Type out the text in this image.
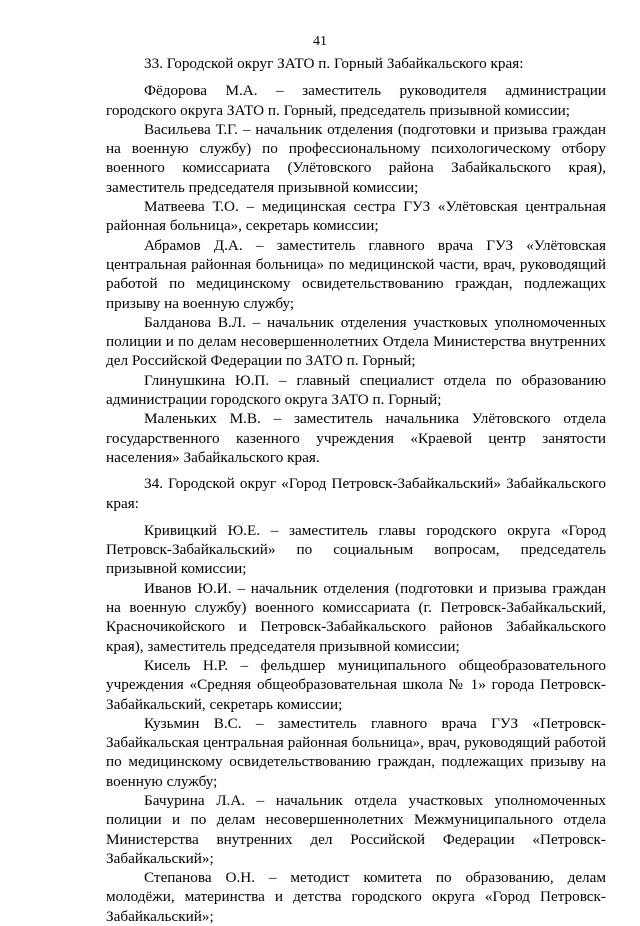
41

33. Городской округ ЗАТО п. Горный Забайкальского края:

Фёдорова М.А. – заместитель руководителя администрации городского округа ЗАТО п. Горный, председатель призывной комиссии;

Васильева Т.Г. – начальник отделения (подготовки и призыва граждан на военную службу) по профессиональному психологическому отбору военного комиссариата (Улётовского района Забайкальского края), заместитель председателя призывной комиссии;

Матвеева Т.О. – медицинская сестра ГУЗ «Улётовская центральная районная больница», секретарь комиссии;

Абрамов Д.А. – заместитель главного врача ГУЗ «Улётовская центральная районная больница» по медицинской части, врач, руководящий работой по медицинскому освидетельствованию граждан, подлежащих призыву на военную службу;

Балданова В.Л. – начальник отделения участковых уполномоченных полиции и по делам несовершеннолетних Отдела Министерства внутренних дел Российской Федерации по ЗАТО п. Горный;

Глинушкина Ю.П. – главный специалист отдела по образованию администрации городского округа ЗАТО п. Горный;

Маленьких М.В. – заместитель начальника Улётовского отдела государственного казенного учреждения «Краевой центр занятости населения» Забайкальского края.

34. Городской округ «Город Петровск-Забайкальский» Забайкальского края:

Кривицкий Ю.Е. – заместитель главы городского округа «Город Петровск-Забайкальский» по социальным вопросам, председатель призывной комиссии;

Иванов Ю.И. – начальник отделения (подготовки и призыва граждан на военную службу) военного комиссариата (г. Петровск-Забайкальский, Красночикойского и Петровск-Забайкальского районов Забайкальского края), заместитель председателя призывной комиссии;

Кисель Н.Р. – фельдшер муниципального общеобразовательного учреждения «Средняя общеобразовательная школа № 1» города Петровск-Забайкальский, секретарь комиссии;

Кузьмин В.С. – заместитель главного врача ГУЗ «Петровск-Забайкальская центральная районная больница», врач, руководящий работой по медицинскому освидетельствованию граждан, подлежащих призыву на военную службу;

Бачурина Л.А. – начальник отдела участковых уполномоченных полиции и по делам несовершеннолетних Межмуниципального отдела Министерства внутренних дел Российской Федерации «Петровск-Забайкальский»;

Степанова О.Н. – методист комитета по образованию, делам молодёжи, материнства и детства городского округа «Город Петровск-Забайкальский»;
